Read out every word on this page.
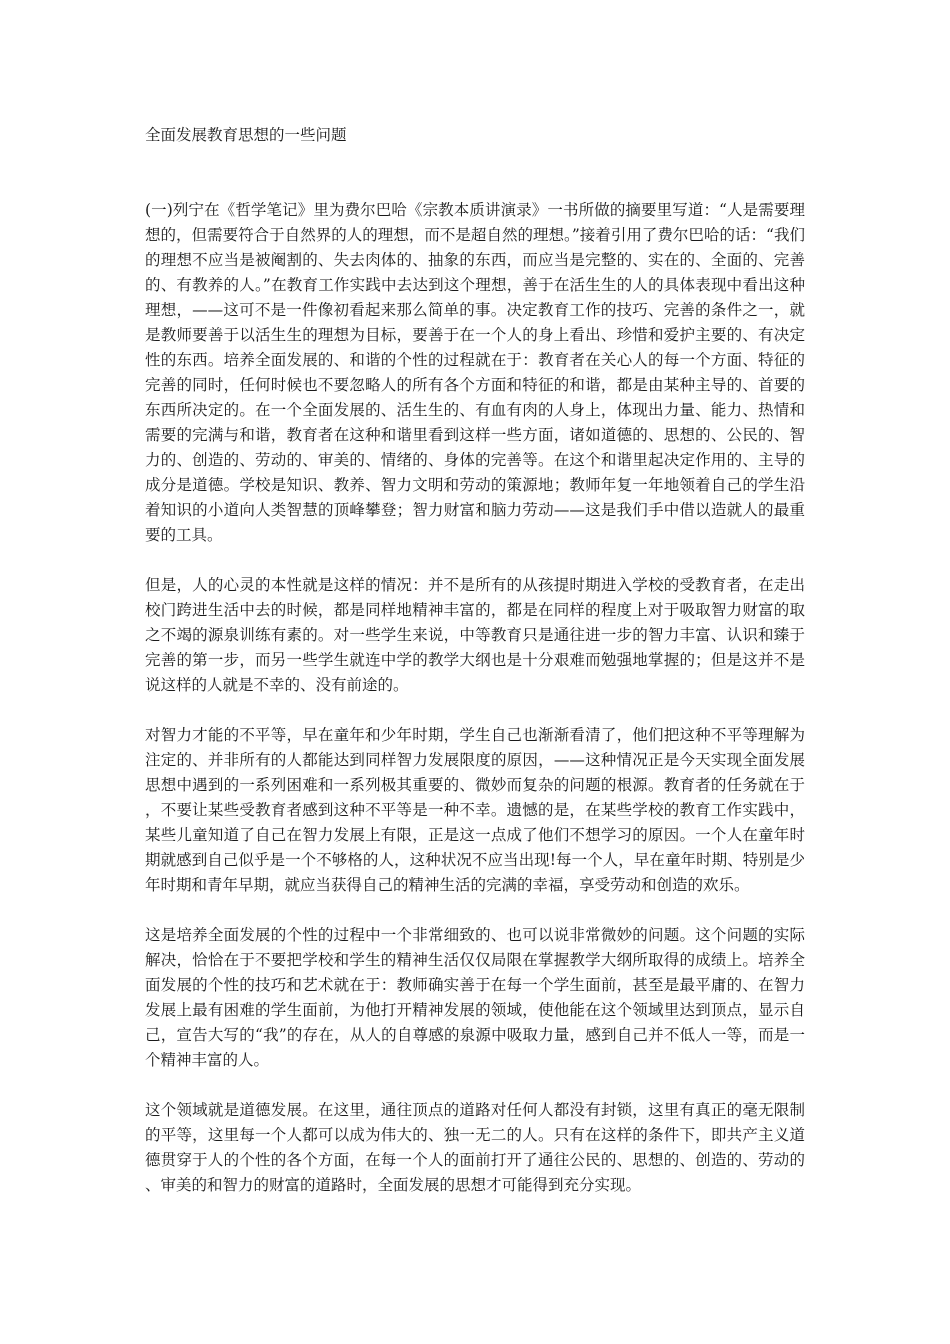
全面发展教育思想的一些问题

(一)列宁在《哲学笔记》里为费尔巴哈《宗教本质讲演录》一书所做的摘要里写道：“人是需要理想的，但需要符合于自然界的人的理想，而不是超自然的理想。”接着引用了费尔巴哈的话：“我们的理想不应当是被阉割的、失去肉体的、抽象的东西，而应当是完整的、实在的、全面的、完善的、有教养的人。”在教育工作实践中去达到这个理想，善于在活生生的人的具体表现中看出这种理想，——这可不是一件像初看起来那么简单的事。决定教育工作的技巧、完善的条件之一，就是教师要善于以活生生的理想为目标，要善于在一个人的身上看出、珍惜和爱护主要的、有决定性的东西。培养全面发展的、和谐的个性的过程就在于：教育者在关心人的每一个方面、特征的完善的同时，任何时候也不要忽略人的所有各个方面和特征的和谐，都是由某种主导的、首要的东西所决定的。在一个全面发展的、活生生的、有血有肉的人身上，体现出力量、能力、热情和需要的完满与和谐，教育者在这种和谐里看到这样一些方面，诸如道德的、思想的、公民的、智力的、创造的、劳动的、审美的、情绪的、身体的完善等。在这个和谐里起决定作用的、主导的成分是道德。学校是知识、教养、智力文明和劳动的策源地；教师年复一年地领着自己的学生沿着知识的小道向人类智慧的顶峰攀登；智力财富和脑力劳动——这是我们手中借以造就人的最重要的工具。

但是，人的心灵的本性就是这样的情况：并不是所有的从孩提时期进入学校的受教育者，在走出校门跨进生活中去的时候，都是同样地精神丰富的，都是在同样的程度上对于吸取智力财富的取之不竭的源泉训练有素的。对一些学生来说，中等教育只是通往进一步的智力丰富、认识和臻于完善的第一步，而另一些学生就连中学的教学大纲也是十分艰难而勉强地掌握的；但是这并不是说这样的人就是不幸的、没有前途的。

对智力才能的不平等，早在童年和少年时期，学生自己也渐渐看清了，他们把这种不平等理解为注定的、并非所有的人都能达到同样智力发展限度的原因，——这种情况正是今天实现全面发展思想中遇到的一系列困难和一系列极其重要的、微妙而复杂的问题的根源。教育者的任务就在于，不要让某些受教育者感到这种不平等是一种不幸。遗憾的是，在某些学校的教育工作实践中，某些儿童知道了自己在智力发展上有限，正是这一点成了他们不想学习的原因。一个人在童年时期就感到自己似乎是一个不够格的人，这种状况不应当出现!每一个人，早在童年时期、特别是少年时期和青年早期，就应当获得自己的精神生活的完满的幸福，享受劳动和创造的欢乐。

这是培养全面发展的个性的过程中一个非常细致的、也可以说非常微妙的问题。这个问题的实际解决，恰恰在于不要把学校和学生的精神生活仅仅局限在掌握教学大纲所取得的成绩上。培养全面发展的个性的技巧和艺术就在于：教师确实善于在每一个学生面前，甚至是最平庸的、在智力发展上最有困难的学生面前，为他打开精神发展的领域，使他能在这个领域里达到顶点，显示自己，宣告大写的“我”的存在，从人的自尊感的泉源中吸取力量，感到自己并不低人一等，而是一个精神丰富的人。

这个领域就是道德发展。在这里，通往顶点的道路对任何人都没有封锁，这里有真正的毫无限制的平等，这里每一个人都可以成为伟大的、独一无二的人。只有在这样的条件下，即共产主义道德贯穿于人的个性的各个方面，在每一个人的面前打开了通往公民的、思想的、创造的、劳动的、审美的和智力的财富的道路时，全面发展的思想才可能得到充分实现。
